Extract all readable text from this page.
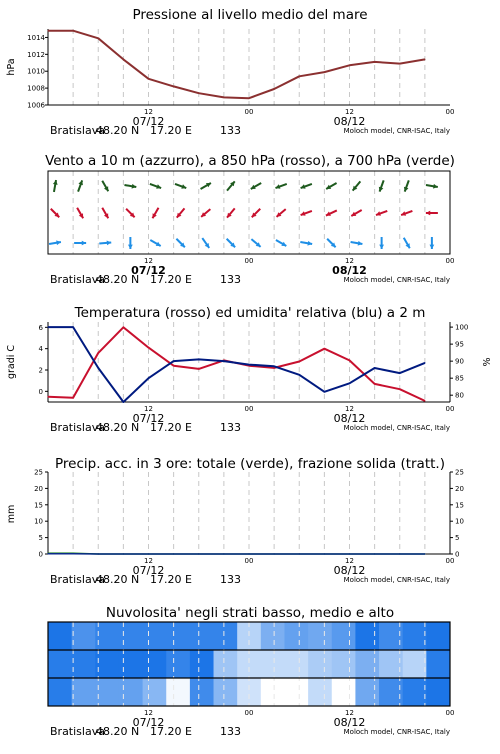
Pressione al livello medio del mare
1006
1008
1010
1012
1014
hPa
12	00	12	00
07/12	08/12
Bratislava
48.20 N 17.20 E	133	Moloch model, CNR-ISAC, Italy
Vento a 10 m (azzurro), a 850 hPa (rosso), a 700 hPa (verde)
12	00	12	00
07/12	08/12
Bratislava
48.20 N 17.20 E	133	Moloch model, CNR-ISAC, Italy
Temperatura (rosso) ed umidita' relativa (blu) a 2 m
0
2
4
6
80
85
90
95
100
gradi C	%
12	00	12	00
07/12	08/12
Bratislava
48.20 N 17.20 E	133	Moloch model, CNR-ISAC, Italy
Precip. acc. in 3 ore: totale (verde), frazione solida (tratt.)
0	0
5	5
10	10
15	15
20	20
25	25
mm
12	00	12	00
07/12	08/12
Bratislava
48.20 N 17.20 E	133	Moloch model, CNR-ISAC, Italy
Nuvolosita' negli strati basso, medio e alto
12	00	12	00
07/12	08/12
Bratislava
48.20 N 17.20 E	133	Moloch model, CNR-ISAC, Italy
